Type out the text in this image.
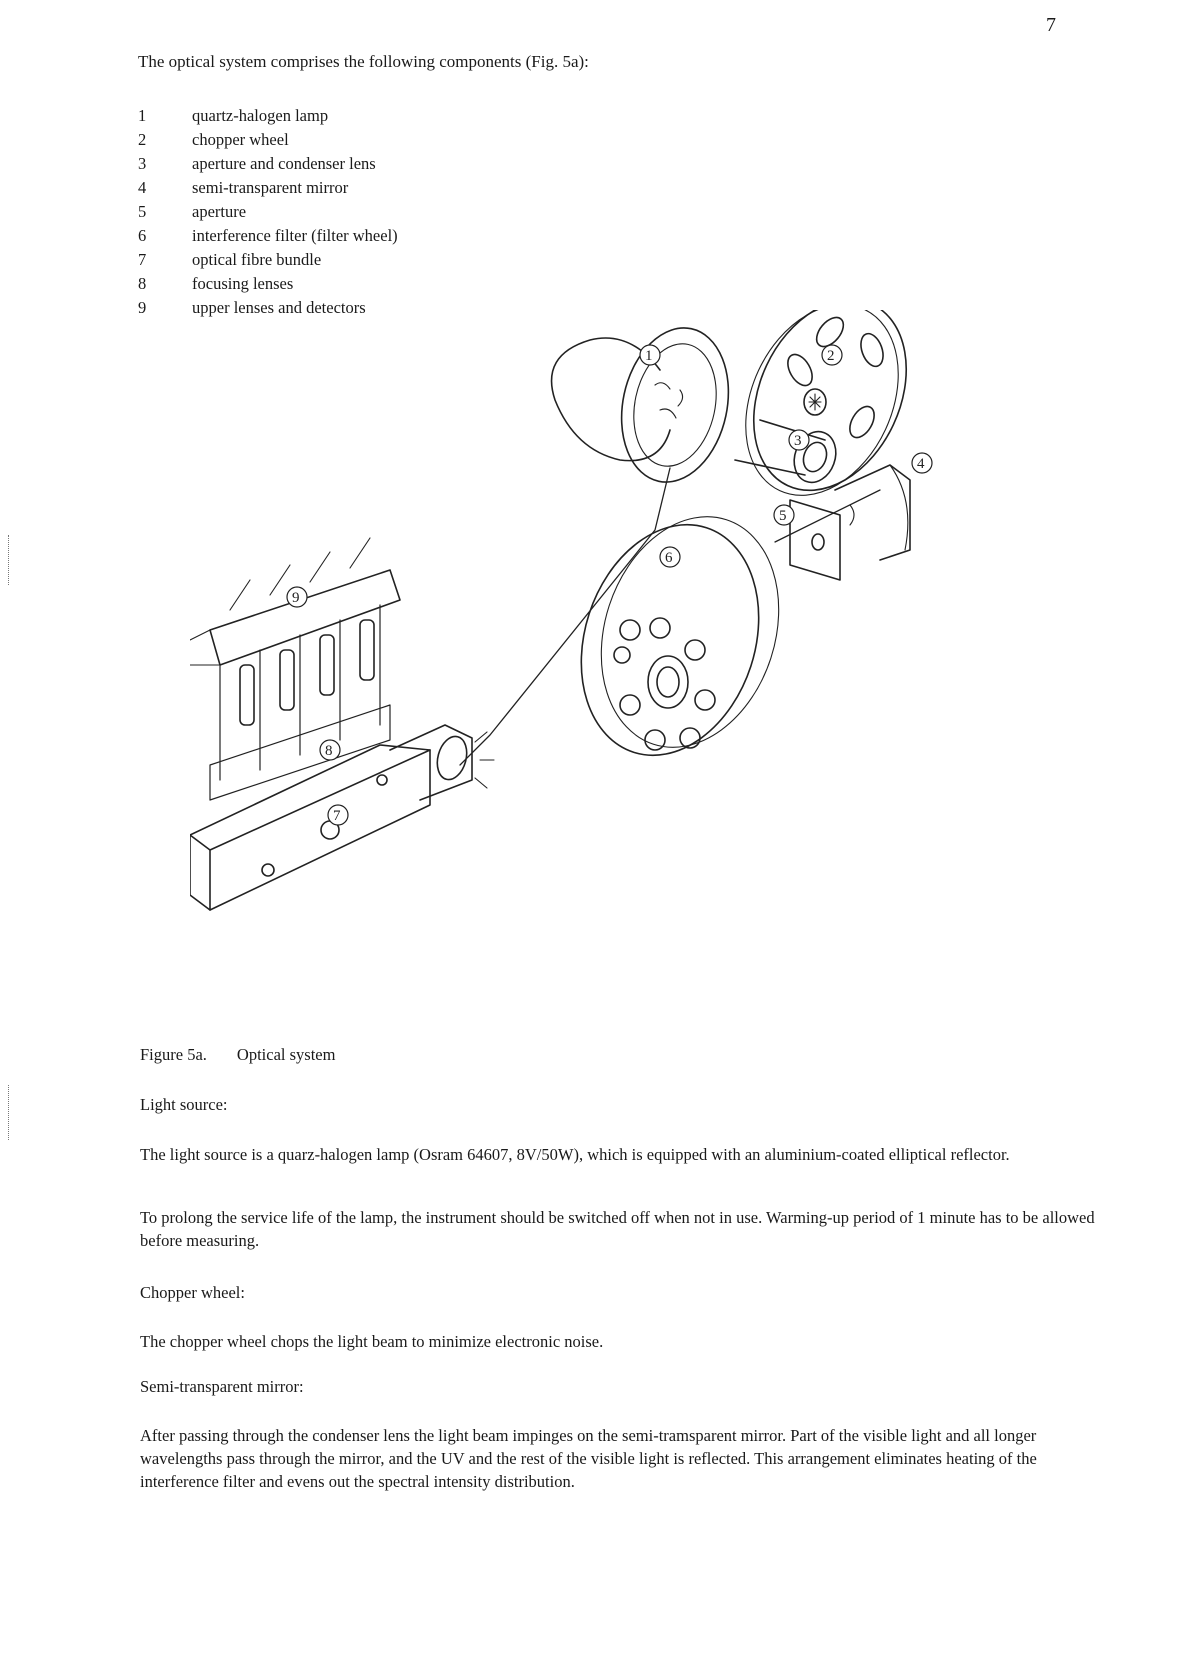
7
The optical system comprises the following components (Fig. 5a):
1	quartz-halogen lamp
2	chopper wheel
3	aperture and condenser lens
4	semi-transparent mirror
5	aperture
6	interference filter (filter wheel)
7	optical fibre bundle
8	focusing lenses
9	upper lenses and detectors
1	2
3
4
5
6
7
8
9
Figure 5a. Optical system
Light source:
The light source is a quarz-halogen lamp (Osram 64607, 8V/50W), which is equipped with an aluminium-coated elliptical reflector.
To prolong the service life of the lamp, the instrument should be switched off when not in use. Warming-up period of 1 minute has to be allowed before measuring.
Chopper wheel:
The chopper wheel chops the light beam to minimize electronic noise.
Semi-transparent mirror:
After passing through the condenser lens the light beam impinges on the semi-tramsparent mirror. Part of the visible light and all longer wavelengths pass through the mirror, and the UV and the rest of the visible light is reflected. This arrangement eliminates heating of the interference filter and evens out the spectral intensity distribution.
